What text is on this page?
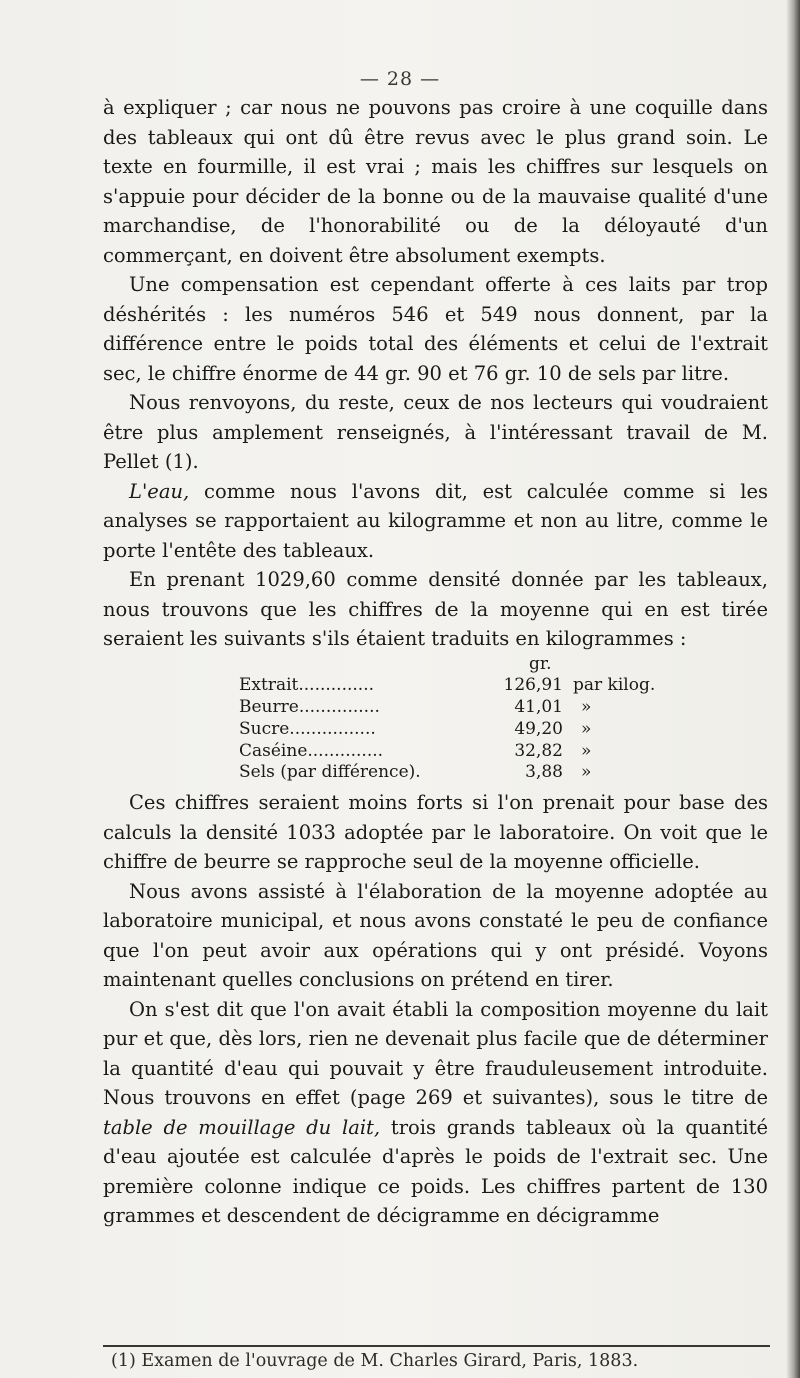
— 28 —

à expliquer ; car nous ne pouvons pas croire à une coquille dans des tableaux qui ont dû être revus avec le plus grand soin. Le texte en fourmille, il est vrai ; mais les chiffres sur lesquels on s'appuie pour décider de la bonne ou de la mauvaise qualité d'une marchandise, de l'honorabilité ou de la déloyauté d'un commerçant, en doivent être absolument exempts.

Une compensation est cependant offerte à ces laits par trop déshérités : les numéros 546 et 549 nous donnent, par la différence entre le poids total des éléments et celui de l'extrait sec, le chiffre énorme de 44 gr. 90 et 76 gr. 10 de sels par litre.

Nous renvoyons, du reste, ceux de nos lecteurs qui voudraient être plus amplement renseignés, à l'intéressant travail de M. Pellet (1).

L'eau, comme nous l'avons dit, est calculée comme si les analyses se rapportaient au kilogramme et non au litre, comme le porte l'entête des tableaux.

En prenant 1029,60 comme densité donnée par les tableaux, nous trouvons que les chiffres de la moyenne qui en est tirée seraient les suivants s'ils étaient traduits en kilogrammes :

gr.
Extrait..............	126,91 par kilog.
Beurre...............	41,01	»
Sucre................	49,20	»
Caséine..............	32,82	»
Sels (par différence).	3,88	»

Ces chiffres seraient moins forts si l'on prenait pour base des calculs la densité 1033 adoptée par le laboratoire. On voit que le chiffre de beurre se rapproche seul de la moyenne officielle.

Nous avons assisté à l'élaboration de la moyenne adoptée au laboratoire municipal, et nous avons constaté le peu de confiance que l'on peut avoir aux opérations qui y ont présidé. Voyons maintenant quelles conclusions on prétend en tirer.

On s'est dit que l'on avait établi la composition moyenne du lait pur et que, dès lors, rien ne devenait plus facile que de déterminer la quantité d'eau qui pouvait y être frauduleusement introduite. Nous trouvons en effet (page 269 et suivantes), sous le titre de table de mouillage du lait, trois grands tableaux où la quantité d'eau ajoutée est calculée d'après le poids de l'extrait sec. Une première colonne indique ce poids. Les chiffres partent de 130 grammes et descendent de décigramme en décigramme

(1) Examen de l'ouvrage de M. Charles Girard, Paris, 1883.
